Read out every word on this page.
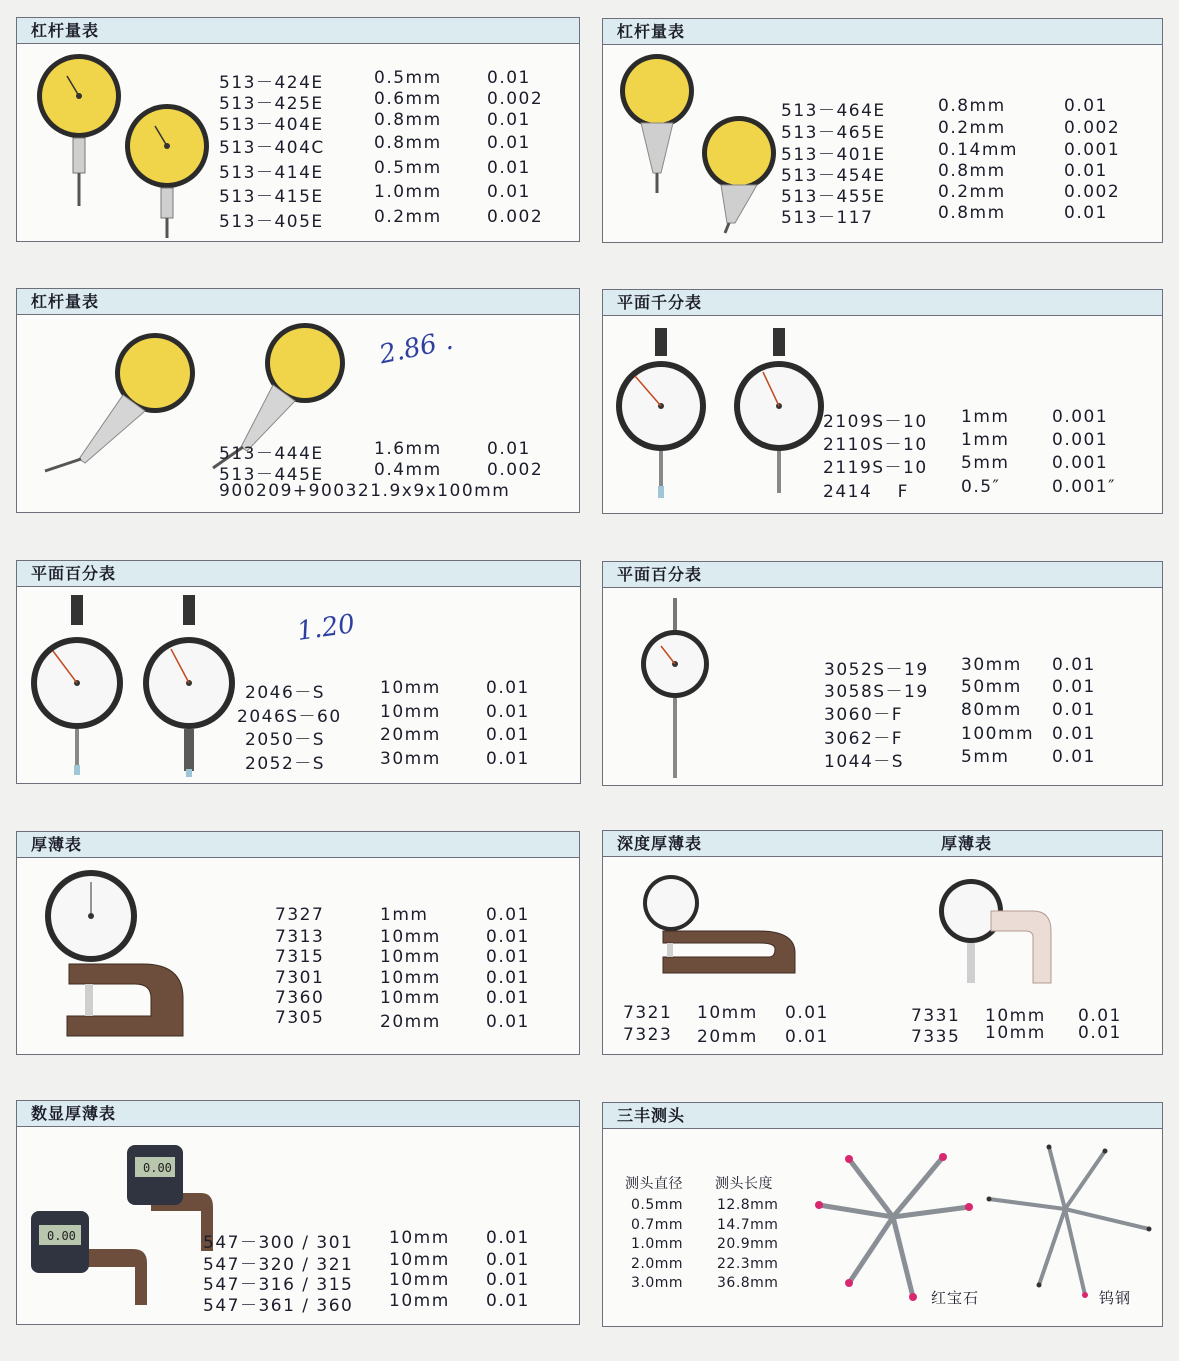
杠杆量表
513－424E	0.5mm	0.01
513－425E	0.6mm	0.002
513－404E	0.8mm	0.01
513－404C	0.8mm	0.01
513－414E	0.5mm	0.01
513－415E	1.0mm	0.01
513－405E	0.2mm	0.002
杠杆量表
513－464E	0.8mm	0.01
513－465E	0.2mm	0.002
513－401E	0.14mm	0.001
513－454E	0.8mm	0.01
513－455E	0.2mm	0.002
513－117	0.8mm	0.01
杠杆量表
2.86 .
513－444E	1.6mm	0.01
513－445E	0.4mm	0.002
900209+900321.9x9x100mm
平面千分表
2109S－10 1mm	0.001
2110S－10 1mm	0.001
2119S－10 5mm	0.001
2414　 F	0.5″	0.001″
平面百分表
1.20
2046－S	10mm	0.01
2046S－60 10mm	0.01
2050－S	20mm	0.01
2052－S	30mm	0.01
平面百分表
3052S－19 30mm 0.01
3058S－19 50mm 0.01
3060－F	80mm 0.01
3062－F	100mm 0.01
1044－S	5mm	0.01
厚薄表
7327	1mm	0.01
7313	10mm	0.01
7315	10mm	0.01
7301	10mm	0.01
7360	10mm	0.01
7305	20mm	0.01
深度厚薄表	厚薄表
7321 10mm 0.01
7323 20mm 0.01
7331 10mm 0.01
7335 10mm 0.01
数显厚薄表
0.00
0.00	547－300 / 301 10mm 0.01
547－320 / 321 10mm 0.01
547－316 / 315 10mm 0.01
547－361 / 360 10mm 0.01
三丰测头
测头直径 测头长度
0.5mm 12.8mm
0.7mm 14.7mm
1.0mm 20.9mm
2.0mm 22.3mm
3.0mm 36.8mm
红宝石	钨钢
